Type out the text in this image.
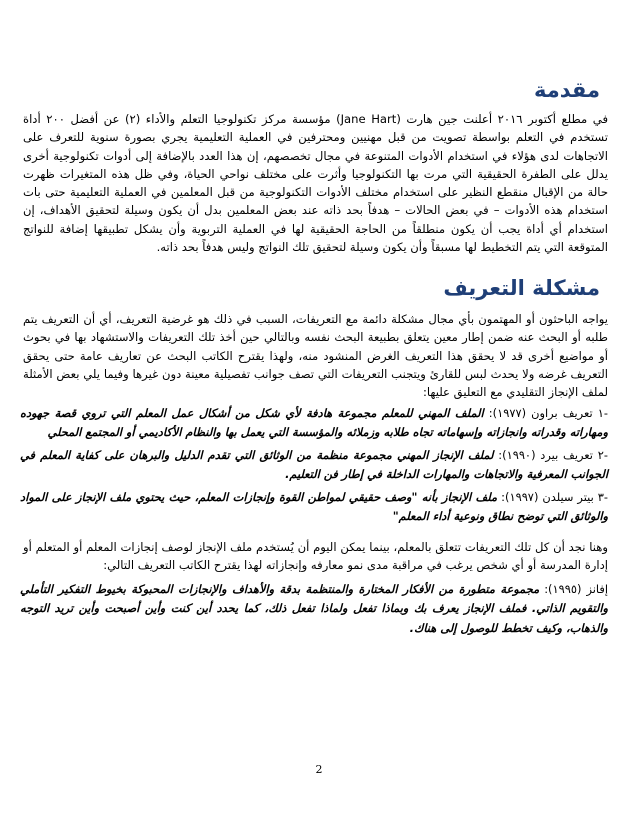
مقدمة
في مطلع أكتوبر ٢٠١٦ أعلنت جين هارت (Jane Hart) مؤسسة مركز تكنولوجيا التعلم والأداء (٢) عن أفضل ٢٠٠ أداة تستخدم في التعلم بواسطة تصويت من قبل مهنيين ومحترفين في العملية التعليمية يجري بصورة سنوية للتعرف على الاتجاهات لدى هؤلاء في استخدام الأدوات المتنوعة في مجال تخصصهم، إن هذا العدد بالإضافة إلى أدوات تكنولوجية أخرى يدلل على الطفرة الحقيقية التي مرت بها التكنولوجيا وأثرت على مختلف نواحي الحياة، وفي ظل هذه المتغيرات ظهرت حالة من الإقبال منقطع النظير على استخدام مختلف الأدوات التكنولوجية من قبل المعلمين في العملية التعليمية حتى بات استخدام هذه الأدوات – في بعض الحالات – هدفاً بحد ذاته عند بعض المعلمين بدل أن يكون وسيلة لتحقيق الأهداف، إن استخدام أي أداة يجب أن يكون منطلقاً من الحاجة الحقيقية لها في العملية التربوية وأن يشكل تطبيقها إضافة للنواتج المتوقعة التي يتم التخطيط لها مسبقاً وأن يكون وسيلة لتحقيق تلك النواتج وليس هدفاً بحد ذاته.
مشكلة التعريف
يواجه الباحثون أو المهتمون بأي مجال مشكلة دائمة مع التعريفات، السبب في ذلك هو غرضية التعريف، أي أن التعريف يتم طلبه أو البحث عنه ضمن إطار معين يتعلق بطبيعة البحث نفسه وبالتالي حين أخذ تلك التعريفات والاستشهاد بها في بحوث أو مواضيع أخرى قد لا يحقق هذا التعريف الغرض المنشود منه، ولهذا يقترح الكاتب البحث عن تعاريف عامة حتى يحقق التعريف غرضه ولا يحدث لبس للقارئ ويتجنب التعريفات التي تصف جوانب تفصيلية معينة دون غيرها وفيما يلي بعض الأمثلة لملف الإنجاز التقليدي مع التعليق عليها:
-١ تعريف براون (١٩٧٧): الملف المهني للمعلم مجموعة هادفة لأي شكل من أشكال عمل المعلم التي تروي قصة جهوده ومهاراته وقدراته وانجازاته وإسهاماته تجاه طلابه وزملائه والمؤسسة التي يعمل بها والنظام الأكاديمي أو المجتمع المحلي
-٢ تعريف بيرد (١٩٩٠): لملف الإنجاز المهني مجموعة منظمة من الوثائق التي تقدم الدليل والبرهان على كفاية المعلم في الجوانب المعرفية والاتجاهات والمهارات الداخلة في إطار فن التعليم.
-٣ بيتر سيلدن (١٩٩٧): ملف الإنجاز بأنه "وصف حقيقي لمواطن القوة وإنجازات المعلم، حيث يحتوي ملف الإنجاز على المواد والوثائق التي توضح نطاق ونوعية أداء المعلم"
وهنا نجد أن كل تلك التعريفات تتعلق بالمعلم، بينما يمكن اليوم أن يُستخدم ملف الإنجاز لوصف إنجازات المعلم أو المتعلم أو إدارة المدرسة أو أي شخص يرغب في مراقبة مدى نمو معارفه وإنجازاته لهذا يقترح الكاتب التعريف التالي:
إفانز (١٩٩٥): مجموعة متطورة من الأفكار المختارة والمنتظمة بدقة والأهداف والإنجازات المحبوكة بخيوط التفكير التأملي والتقويم الذاتي. فملف الإنجاز يعرف بك وبماذا تفعل ولماذا تفعل ذلك، كما يحدد أين كنت وأين أصبحت وأين تريد التوجه والذهاب، وكيف تخطط للوصول إلى هناك.
2
